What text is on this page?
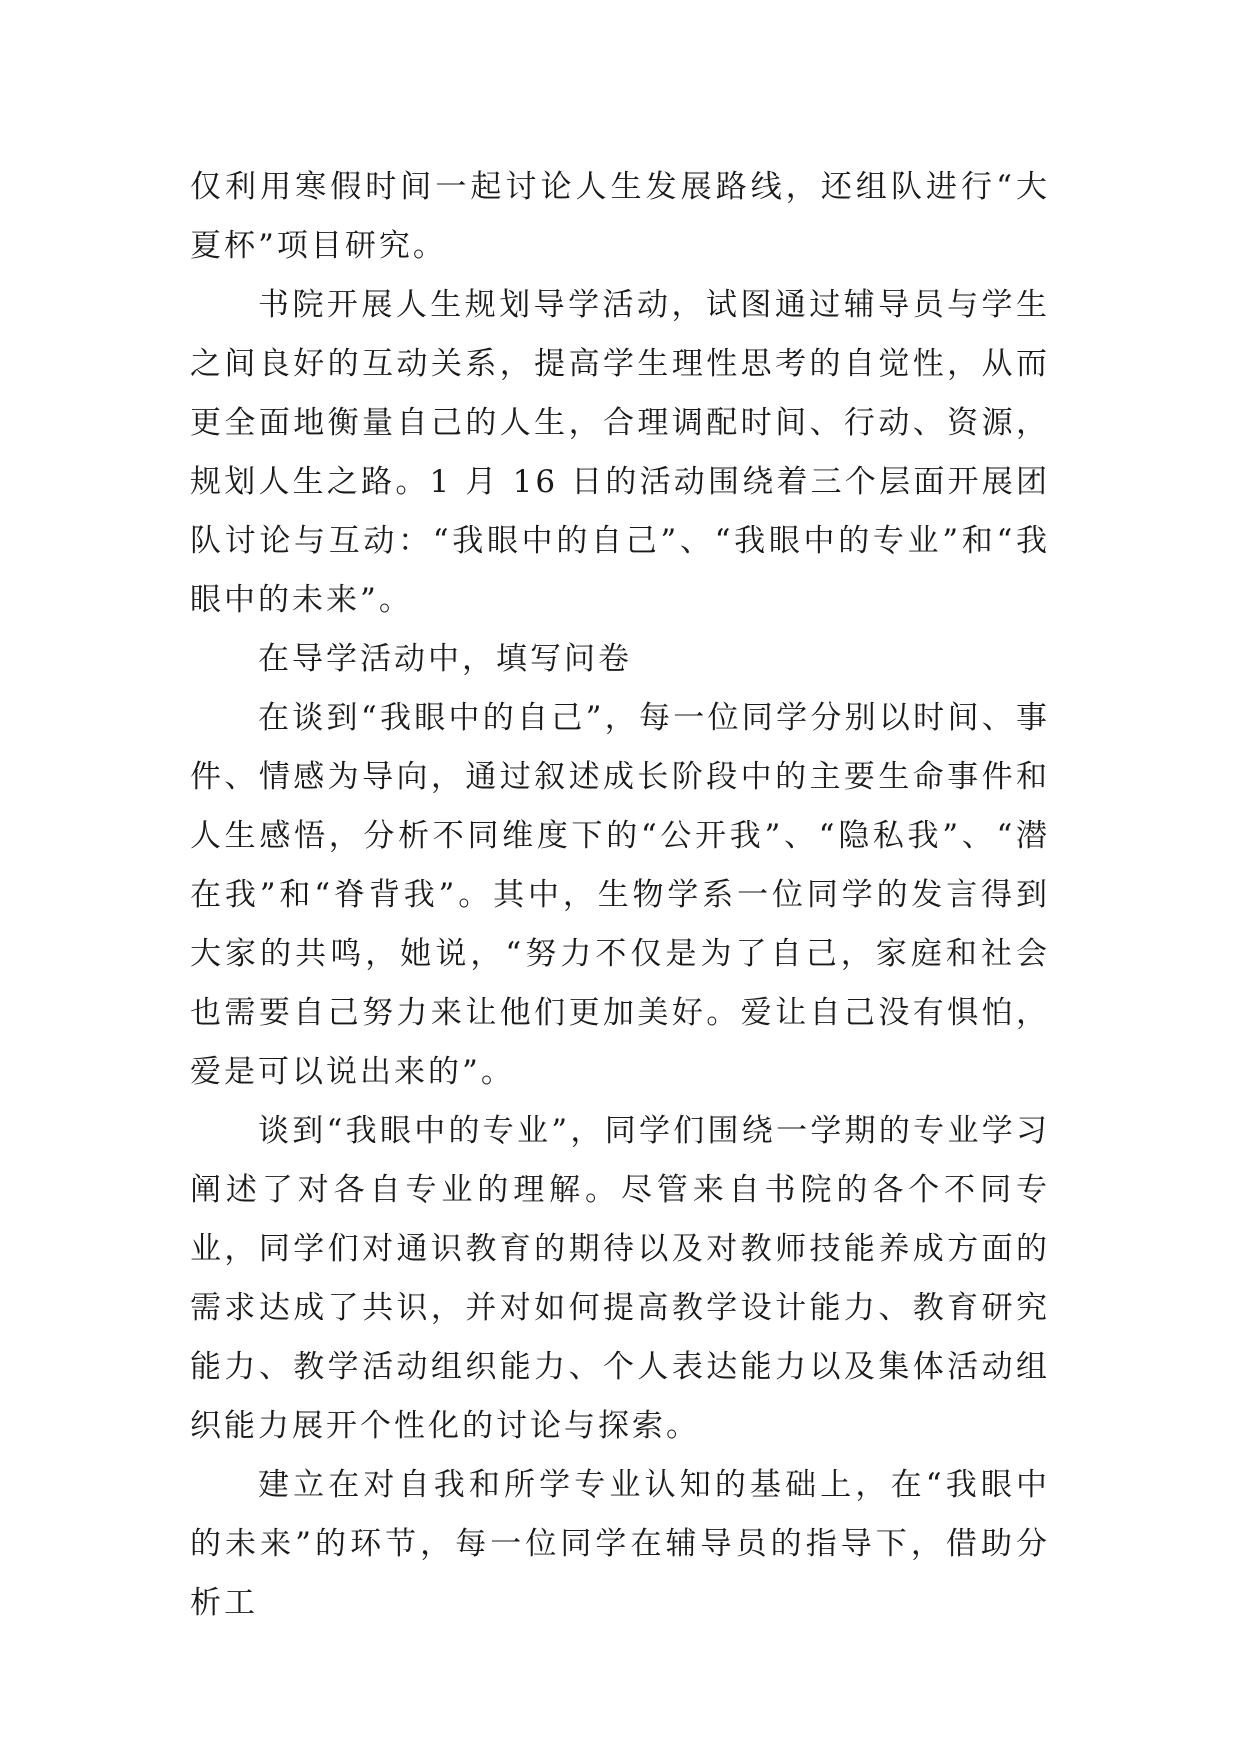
仅利用寒假时间一起讨论人生发展路线，还组队进行“大夏杯”项目研究。

书院开展人生规划导学活动，试图通过辅导员与学生之间良好的互动关系，提高学生理性思考的自觉性，从而更全面地衡量自己的人生，合理调配时间、行动、资源，规划人生之路。1 月 16 日的活动围绕着三个层面开展团队讨论与互动：“我眼中的自己”、“我眼中的专业”和“我眼中的未来”。

在导学活动中，填写问卷

在谈到“我眼中的自己”，每一位同学分别以时间、事件、情感为导向，通过叙述成长阶段中的主要生命事件和人生感悟，分析不同维度下的“公开我”、“隐私我”、“潜在我”和“脊背我”。其中，生物学系一位同学的发言得到大家的共鸣，她说，“努力不仅是为了自己，家庭和社会也需要自己努力来让他们更加美好。爱让自己没有惧怕，爱是可以说出来的”。

谈到“我眼中的专业”，同学们围绕一学期的专业学习阐述了对各自专业的理解。尽管来自书院的各个不同专业，同学们对通识教育的期待以及对教师技能养成方面的需求达成了共识，并对如何提高教学设计能力、教育研究能力、教学活动组织能力、个人表达能力以及集体活动组织能力展开个性化的讨论与探索。

建立在对自我和所学专业认知的基础上，在“我眼中的未来”的环节，每一位同学在辅导员的指导下，借助分析工
